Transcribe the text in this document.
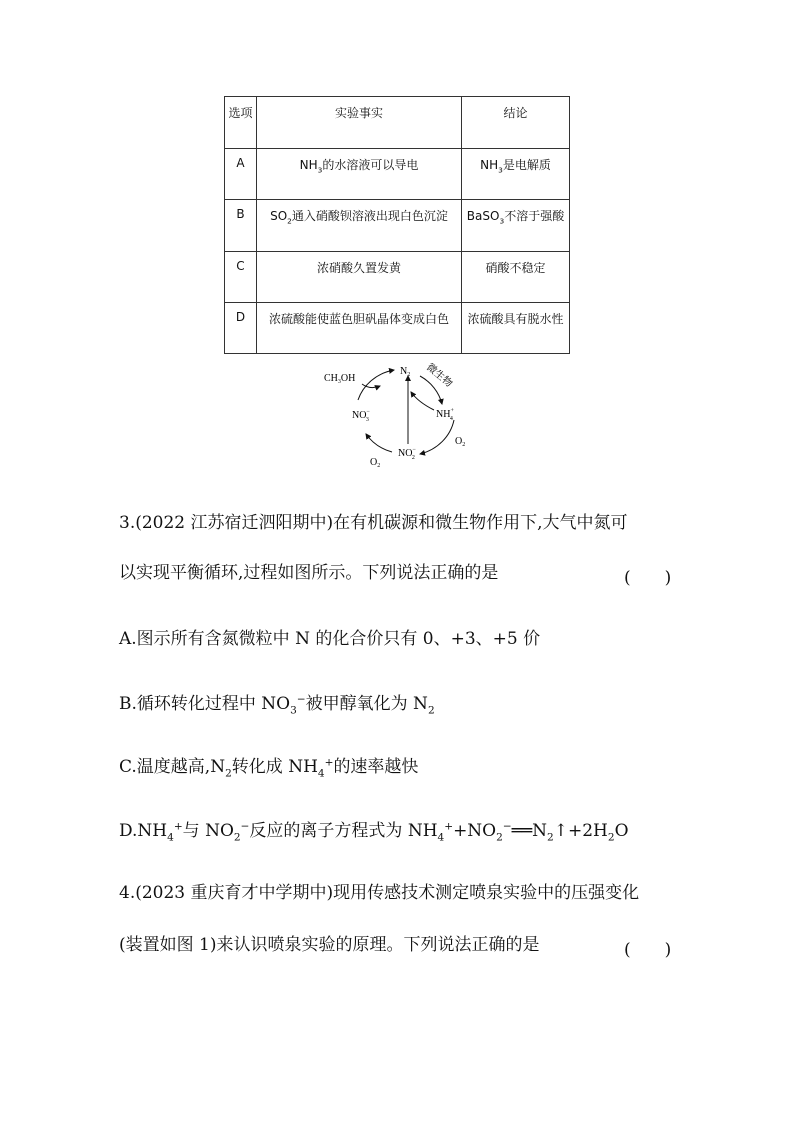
选项	实验事实	结论
A	$NH_3$的水溶液可以导电	$NH_3$是电解质
B	$SO_2$通入硝酸钡溶液出现白色沉淀	BaSO$_3$不溶于强酸
C	浓硝酸久置发黄	硝酸不稳定
D	浓硫酸能使蓝色胆矾晶体变成白色	浓硫酸具有脱水性
$CH_3OH$
$N_2$ 微生物
NH+ 4
NO− 3
NO− 2
$O_2$
$O_2$
3.(2022 江苏宿迁泗阳期中)在有机碳源和微生物作用下,大气中氮可
以实现平衡循环,过程如图所示。下列说法正确的是	(　　)
A.图示所有含氮微粒中 N 的化合价只有 0、+3、+5 价
B.循环转化过程中 $NO_3^-$被甲醇氧化为 $N_2$
C.温度越高$,N_2$转化成 $NH_4^+$的速率越快
$D.NH_4^+$与 $NO_2^-$反应的离子方程式为 $NH_4^++NO_2^-══N_2↑+2H_2O$
4.(2023 重庆育才中学期中)现用传感技术测定喷泉实验中的压强变化
(装置如图 1)来认识喷泉实验的原理。下列说法正确的是	(　　)
